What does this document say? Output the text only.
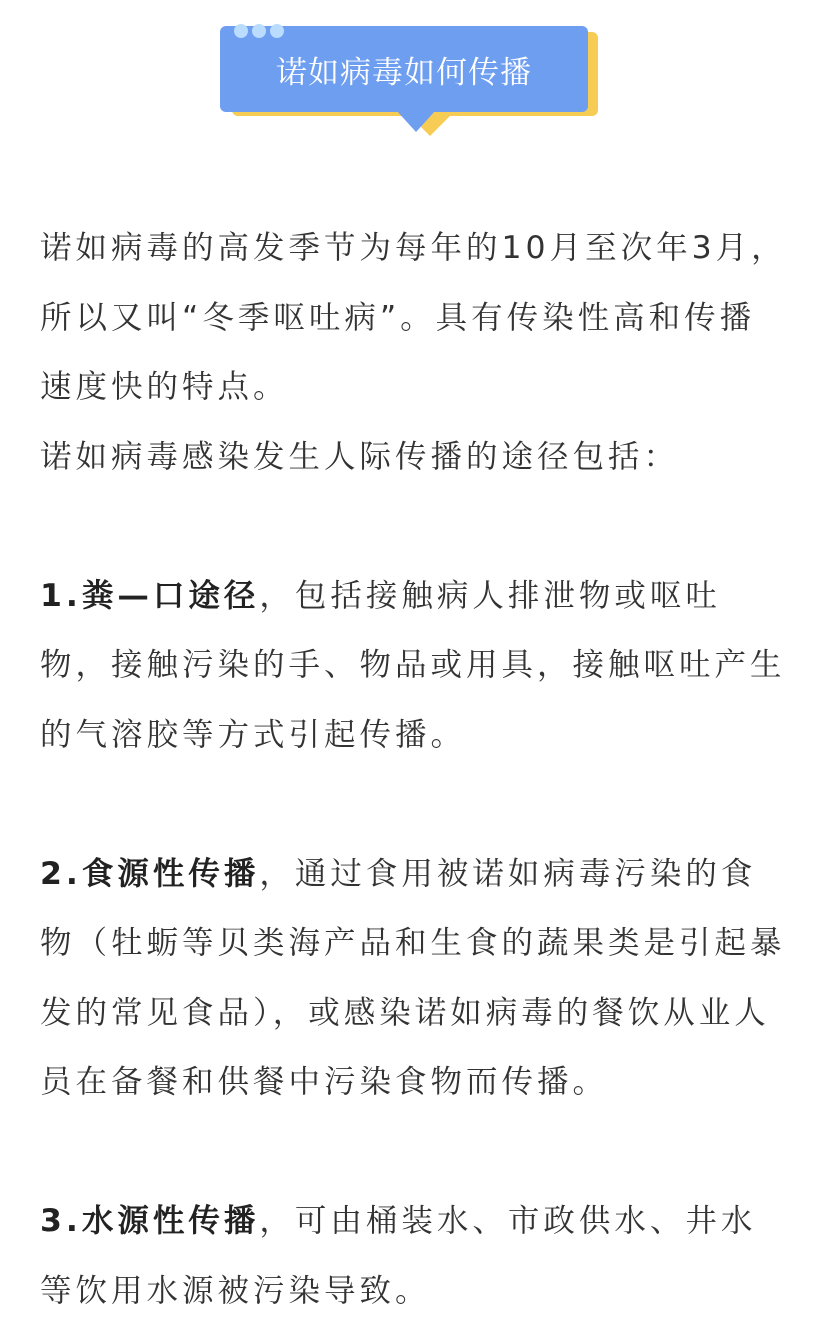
诺如病毒如何传播

诺如病毒的高发季节为每年的10月至次年3月，所以又叫“冬季呕吐病”。具有传染性高和传播速度快的特点。

诺如病毒感染发生人际传播的途径包括：

1.粪—口途径，包括接触病人排泄物或呕吐物，接触污染的手、物品或用具，接触呕吐产生的气溶胶等方式引起传播。

2.食源性传播，通过食用被诺如病毒污染的食物（牡蛎等贝类海产品和生食的蔬果类是引起暴发的常见食品），或感染诺如病毒的餐饮从业人员在备餐和供餐中污染食物而传播。

3.水源性传播，可由桶装水、市政供水、井水等饮用水源被污染导致。
